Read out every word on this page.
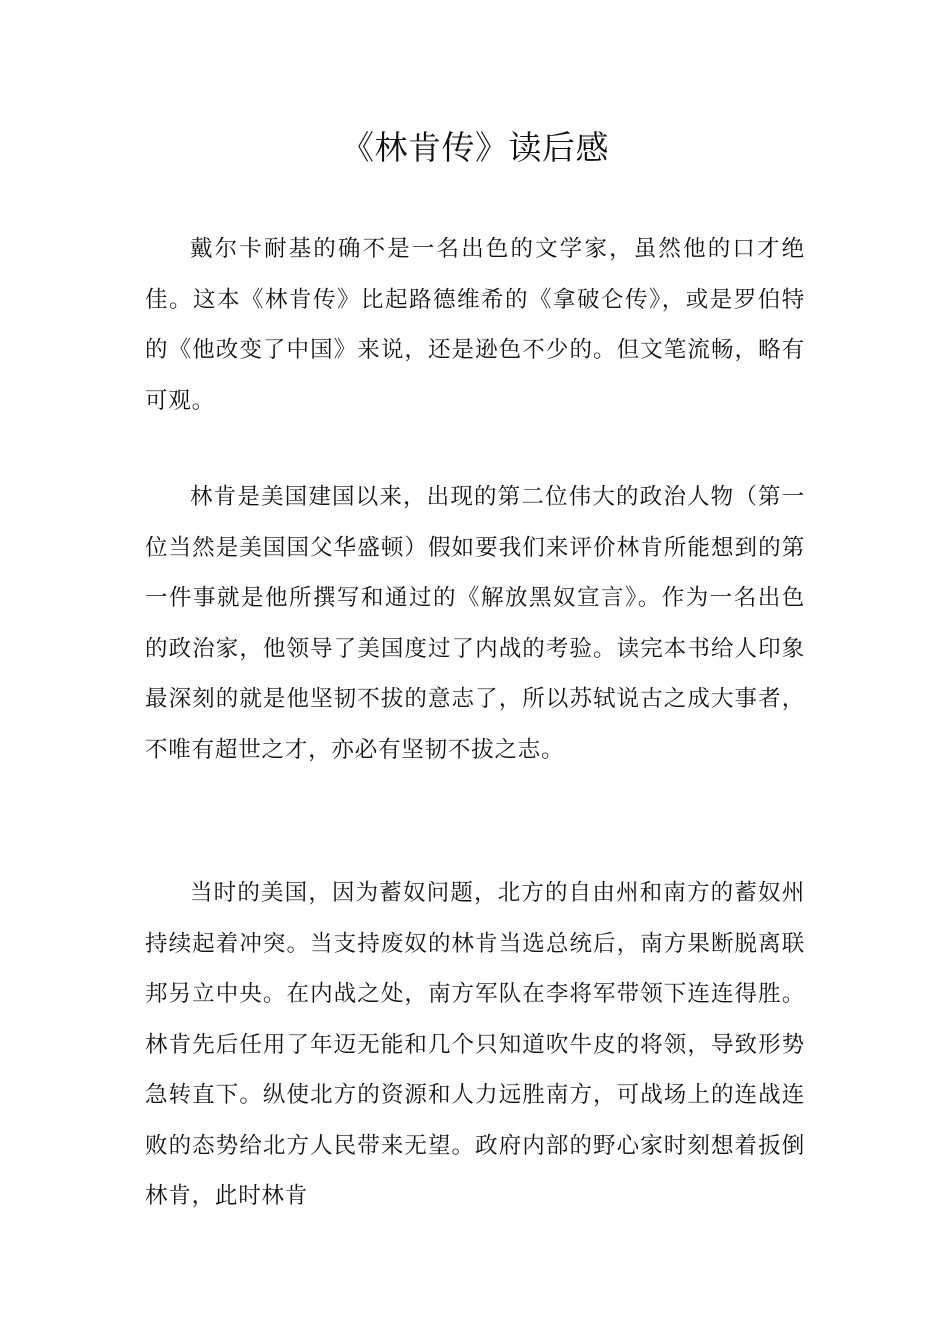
《林肯传》读后感

戴尔卡耐基的确不是一名出色的文学家，虽然他的口才绝佳。这本《林肯传》比起路德维希的《拿破仑传》，或是罗伯特的《他改变了中国》来说，还是逊色不少的。但文笔流畅，略有可观。

林肯是美国建国以来，出现的第二位伟大的政治人物（第一位当然是美国国父华盛顿）假如要我们来评价林肯所能想到的第一件事就是他所撰写和通过的《解放黑奴宣言》。作为一名出色的政治家，他领导了美国度过了内战的考验。读完本书给人印象最深刻的就是他坚韧不拔的意志了，所以苏轼说古之成大事者，不唯有超世之才，亦必有坚韧不拔之志。

当时的美国，因为蓄奴问题，北方的自由州和南方的蓄奴州持续起着冲突。当支持废奴的林肯当选总统后，南方果断脱离联邦另立中央。在内战之处，南方军队在李将军带领下连连得胜。林肯先后任用了年迈无能和几个只知道吹牛皮的将领，导致形势急转直下。纵使北方的资源和人力远胜南方，可战场上的连战连败的态势给北方人民带来无望。政府内部的野心家时刻想着扳倒林肯，此时林肯
